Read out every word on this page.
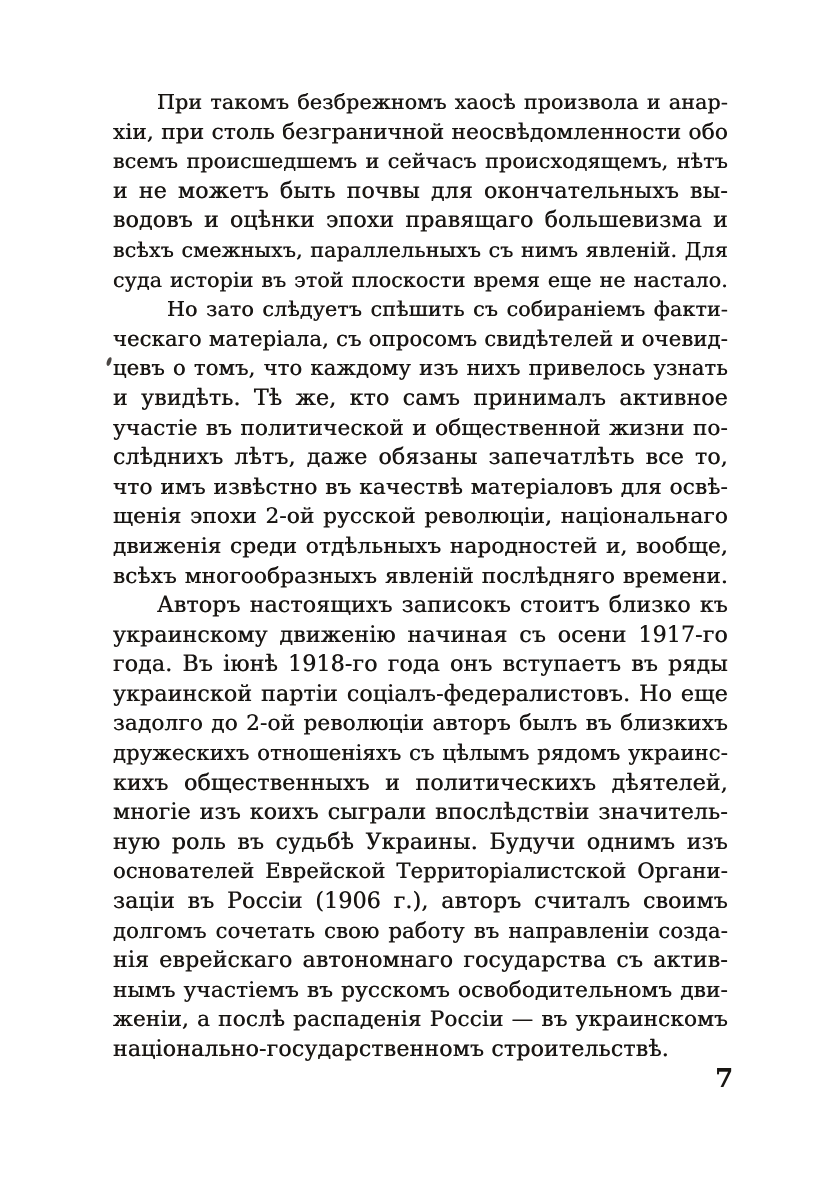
При такомъ безбрежномъ хаосѣ произвола и анар-
хіи, при столь безграничной неосвѣдомленности обо
всемъ происшедшемъ и сейчасъ происходящемъ, нѣтъ
и не можетъ быть почвы для окончательныхъ вы-
водовъ и оцѣнки эпохи правящаго большевизма и
всѣхъ смежныхъ, параллельныхъ съ нимъ явленій. Для
суда исторіи въ этой плоскости время еще не настало.
Но зато слѣдуетъ спѣшить съ собираніемъ факти-
ческаго матеріала, съ опросомъ свидѣтелей и очевид-
цевъ о томъ, что каждому изъ нихъ привелось узнать
и увидѣть. Тѣ же, кто самъ принималъ активное
участіе въ политической и общественной жизни по-
слѣднихъ лѣтъ, даже обязаны запечатлѣть все то,
что имъ извѣстно въ качествѣ матеріаловъ для освѣ-
щенія эпохи 2-ой русской революціи, національнаго
движенія среди отдѣльныхъ народностей и, вообще,
всѣхъ многообразныхъ явленій послѣдняго времени.
Авторъ настоящихъ записокъ стоитъ близко къ
украинскому движенію начиная съ осени 1917-го
года. Въ іюнѣ 1918-го года онъ вступаетъ въ ряды
украинской партіи соціалъ-федералистовъ. Но еще
задолго до 2-ой революціи авторъ былъ въ близкихъ
дружескихъ отношеніяхъ съ цѣлымъ рядомъ украинс-
кихъ общественныхъ и политическихъ дѣятелей,
многіе изъ коихъ сыграли впослѣдствіи значитель-
ную роль въ судьбѣ Украины. Будучи однимъ изъ
основателей Еврейской Территоріалистской Органи-
заціи въ Россіи (1906 г.), авторъ считалъ своимъ
долгомъ сочетать свою работу въ направленіи созда-
нія еврейскаго автономнаго государства съ актив-
нымъ участіемъ въ русскомъ освободительномъ дви-
женіи, а послѣ распаденія Россіи — въ украинскомъ
національно-государственномъ строительствѣ.
7
